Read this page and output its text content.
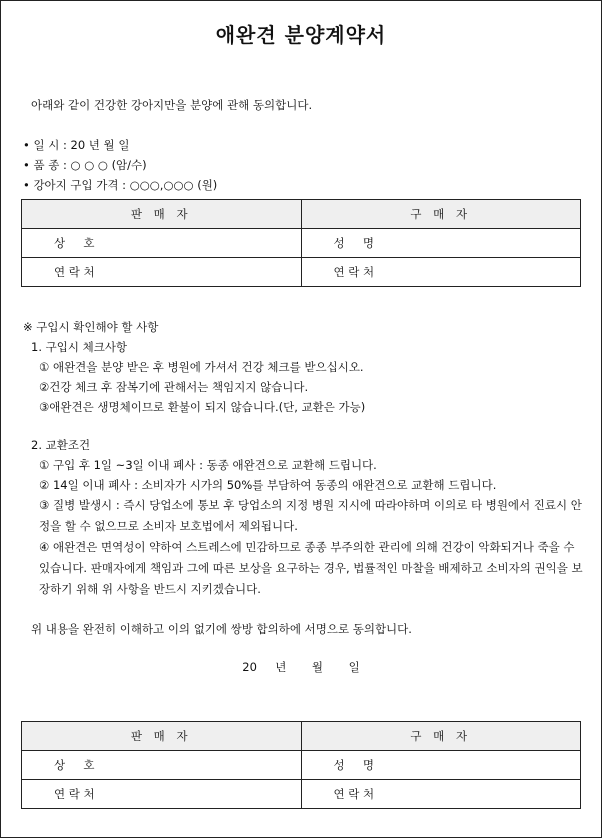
애완견 분양계약서
아래와 같이 건강한 강아지만을 분양에 관해 동의합니다.
• 일 시 : 20 년 월 일
• 품 종 : ○ ○ ○ (암/수)
• 강아지 구입 가격 : ○○○,○○○ (원)
판 매 자	구 매 자
상     호	성     명
연 락 처	연 락 처
※ 구입시 확인해야 할 사항
1. 구입시 체크사항
① 애완견을 분양 받은 후 병원에 가셔서 건강 체크를 받으십시오.
②건강 체크 후 잠복기에 관해서는 책임지지 않습니다.
③애완견은 생명체이므로 환불이 되지 않습니다.(단, 교환은 가능)
2. 교환조건
① 구입 후 1일 ~3일 이내 폐사 : 동종 애완견으로 교환해 드립니다.
② 14일 이내 폐사 : 소비자가 시가의 50%를 부담하여 동종의 애완견으로 교환해 드립니다.
③ 질병 발생시 : 즉시 당업소에 통보 후 당업소의 지정 병원 지시에 따라야하며 이의로 타 병원에서 진료시 안정을 할 수 없으므로 소비자 보호법에서 제외됩니다.
④ 애완견은 면역성이 약하여 스트레스에 민감하므로 종종 부주의한 관리에 의해 건강이 악화되거나 죽을 수 있습니다. 판매자에게 책임과 그에 따른 보상을 요구하는 경우, 법률적인 마찰을 배제하고 소비자의 권익을 보장하기 위해 위 사항을 반드시 지키겠습니다.
위 내용을 완전히 이해하고 이의 없기에 쌍방 합의하에 서명으로 동의합니다.
20     년       월       일
판 매 자	구 매 자
상     호	성     명
연 락 처	연 락 처
